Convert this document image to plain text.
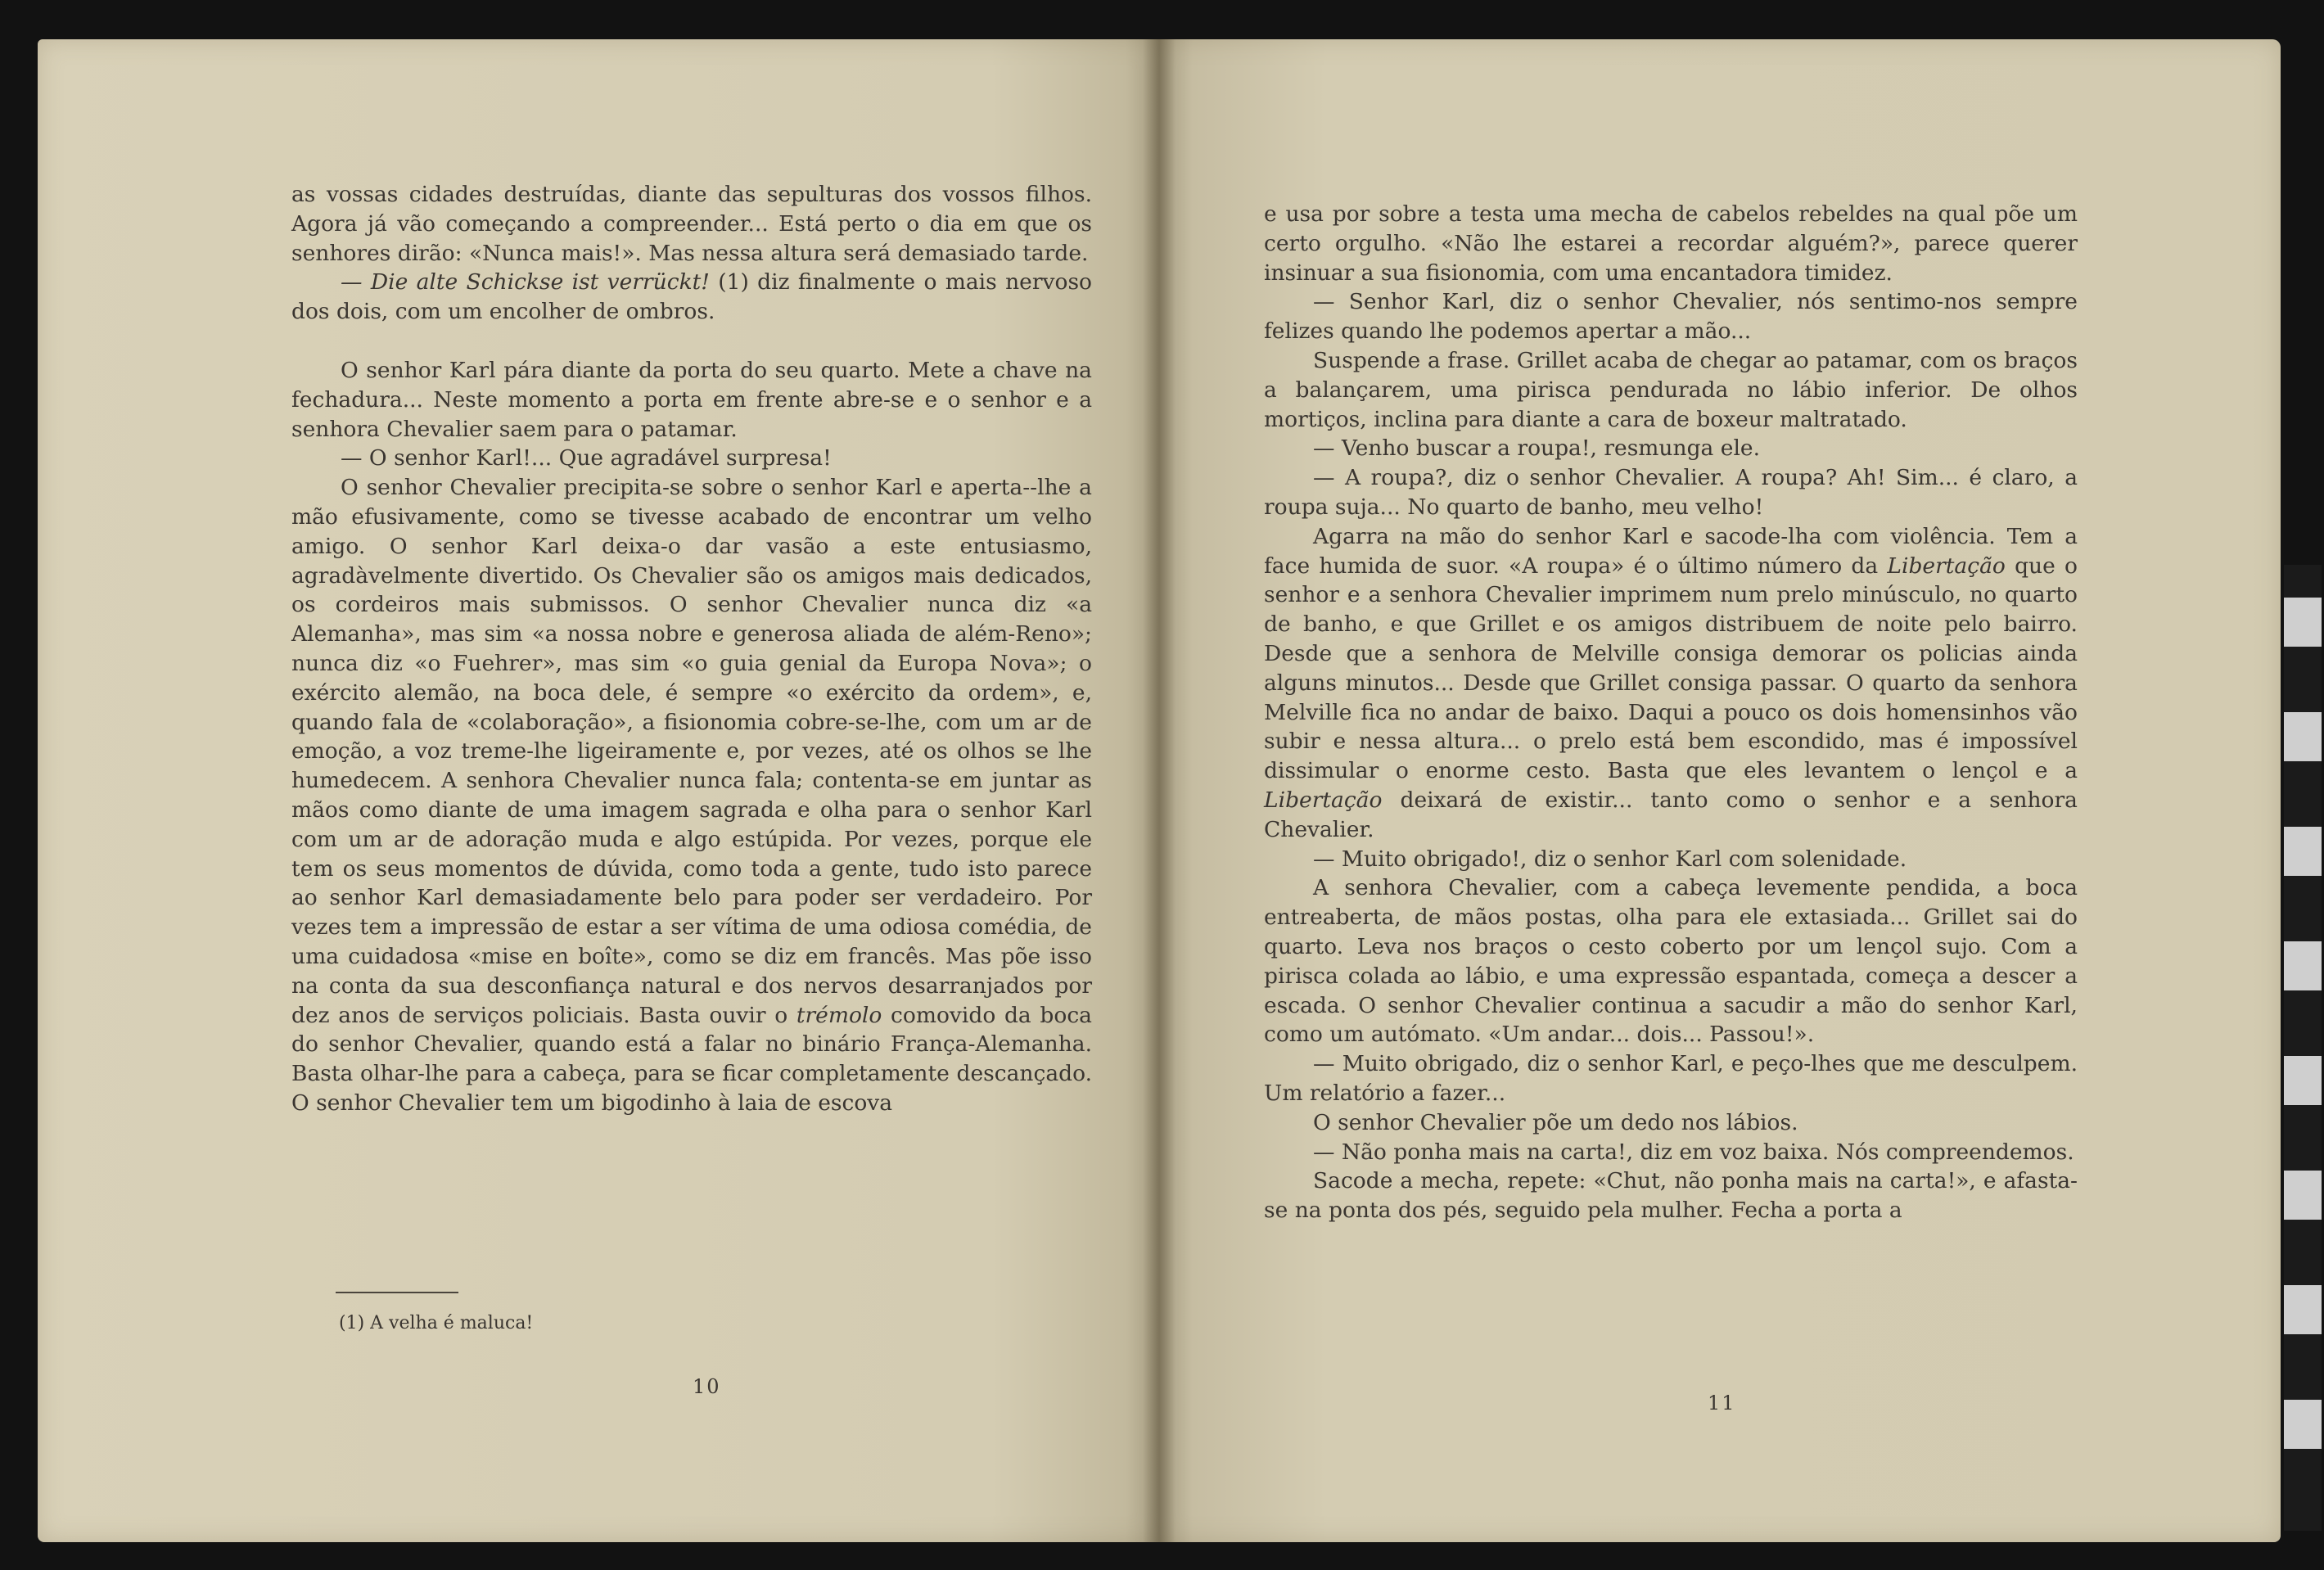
as vossas cidades destruídas, diante das sepulturas dos vossos filhos. Agora já vão começando a compreender... Está perto o dia em que os senhores dirão: «Nunca mais!». Mas nessa altura será demasiado tarde.

— Die alte Schickse ist verrückt! (1) diz finalmente o mais nervoso dos dois, com um encolher de ombros.

O senhor Karl pára diante da porta do seu quarto. Mete a chave na fechadura... Neste momento a porta em frente abre-se e o senhor e a senhora Chevalier saem para o patamar.

— O senhor Karl!... Que agradável surpresa!

O senhor Chevalier precipita-se sobre o senhor Karl e aperta--lhe a mão efusivamente, como se tivesse acabado de encontrar um velho amigo. O senhor Karl deixa-o dar vasão a este entusiasmo, agradàvelmente divertido. Os Chevalier são os amigos mais dedicados, os cordeiros mais submissos. O senhor Chevalier nunca diz «a Alemanha», mas sim «a nossa nobre e generosa aliada de além-Reno»; nunca diz «o Fuehrer», mas sim «o guia genial da Europa Nova»; o exército alemão, na boca dele, é sempre «o exército da ordem», e, quando fala de «colaboração», a fisionomia cobre-se-lhe, com um ar de emoção, a voz treme-lhe ligeiramente e, por vezes, até os olhos se lhe humedecem. A senhora Chevalier nunca fala; contenta-se em juntar as mãos como diante de uma imagem sagrada e olha para o senhor Karl com um ar de adoração muda e algo estúpida. Por vezes, porque ele tem os seus momentos de dúvida, como toda a gente, tudo isto parece ao senhor Karl demasiadamente belo para poder ser verdadeiro. Por vezes tem a impressão de estar a ser vítima de uma odiosa comédia, de uma cuidadosa «mise en boîte», como se diz em francês. Mas põe isso na conta da sua desconfiança natural e dos nervos desarranjados por dez anos de serviços policiais. Basta ouvir o trémolo comovido da boca do senhor Chevalier, quando está a falar no binário França-Alemanha. Basta olhar-lhe para a cabeça, para se ficar completamente descançado. O senhor Chevalier tem um bigodinho à laia de escova

(1) A velha é maluca!
10

e usa por sobre a testa uma mecha de cabelos rebeldes na qual põe um certo orgulho. «Não lhe estarei a recordar alguém?», parece querer insinuar a sua fisionomia, com uma encantadora timidez.

— Senhor Karl, diz o senhor Chevalier, nós sentimo-nos sempre felizes quando lhe podemos apertar a mão...

Suspende a frase. Grillet acaba de chegar ao patamar, com os braços a balançarem, uma pirisca pendurada no lábio inferior. De olhos mortiços, inclina para diante a cara de boxeur maltratado.

— Venho buscar a roupa!, resmunga ele.

— A roupa?, diz o senhor Chevalier. A roupa? Ah! Sim... é claro, a roupa suja... No quarto de banho, meu velho!

Agarra na mão do senhor Karl e sacode-lha com violência. Tem a face humida de suor. «A roupa» é o último número da Libertação que o senhor e a senhora Chevalier imprimem num prelo minúsculo, no quarto de banho, e que Grillet e os amigos distribuem de noite pelo bairro. Desde que a senhora de Melville consiga demorar os policias ainda alguns minutos... Desde que Grillet consiga passar. O quarto da senhora Melville fica no andar de baixo. Daqui a pouco os dois homensinhos vão subir e nessa altura... o prelo está bem escondido, mas é impossível dissimular o enorme cesto. Basta que eles levantem o lençol e a Libertação deixará de existir... tanto como o senhor e a senhora Chevalier.

— Muito obrigado!, diz o senhor Karl com solenidade.

A senhora Chevalier, com a cabeça levemente pendida, a boca entreaberta, de mãos postas, olha para ele extasiada... Grillet sai do quarto. Leva nos braços o cesto coberto por um lençol sujo. Com a pirisca colada ao lábio, e uma expressão espantada, começa a descer a escada. O senhor Chevalier continua a sacudir a mão do senhor Karl, como um autómato. «Um andar... dois... Passou!».

— Muito obrigado, diz o senhor Karl, e peço-lhes que me desculpem. Um relatório a fazer...

O senhor Chevalier põe um dedo nos lábios.

— Não ponha mais na carta!, diz em voz baixa. Nós compreendemos.

Sacode a mecha, repete: «Chut, não ponha mais na carta!», e afasta-se na ponta dos pés, seguido pela mulher. Fecha a porta a

11
